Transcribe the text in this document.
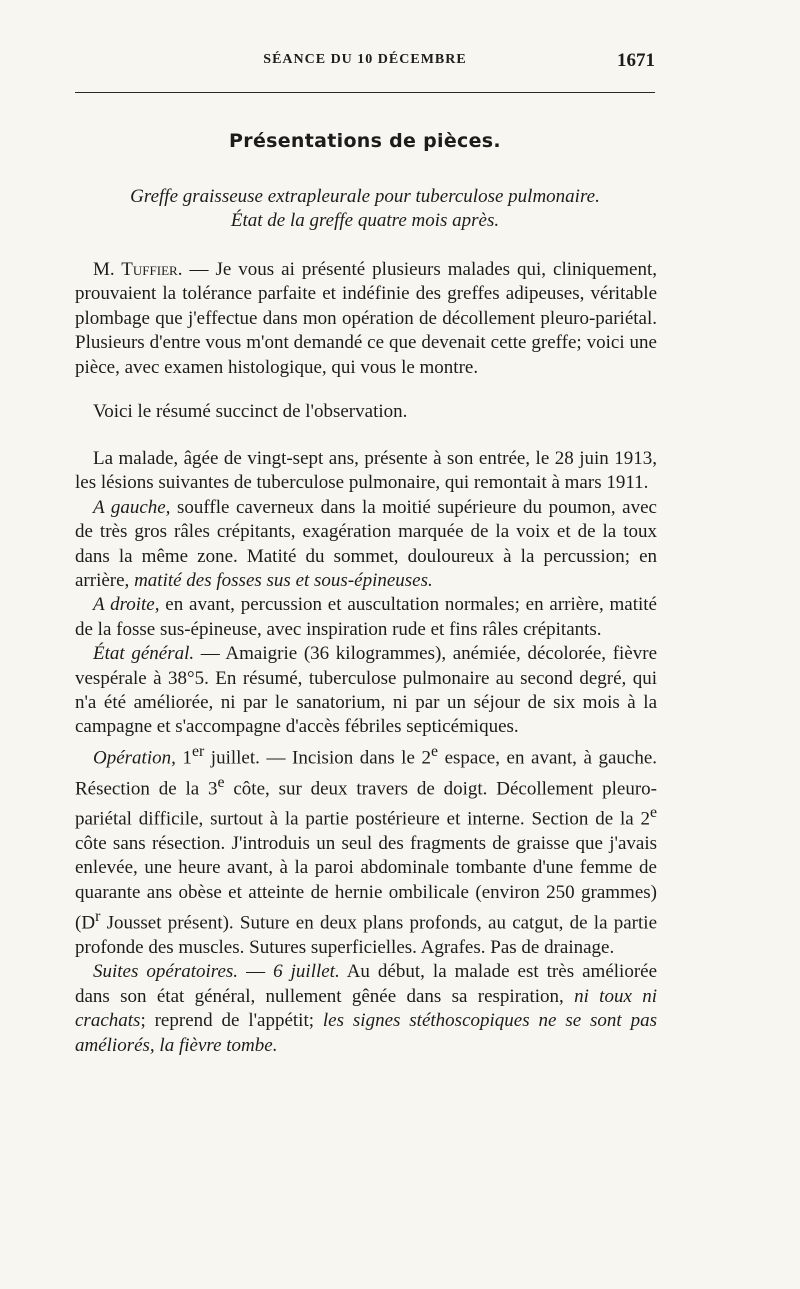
SÉANCE DU 10 DÉCEMBRE	1671
Présentations de pièces.
Greffe graisseuse extrapleurale pour tuberculose pulmonaire.
État de la greffe quatre mois après.

M. Tuffier. — Je vous ai présenté plusieurs malades qui, cliniquement, prouvaient la tolérance parfaite et indéfinie des greffes adipeuses, véritable plombage que j'effectue dans mon opération de décollement pleuro-pariétal. Plusieurs d'entre vous m'ont demandé ce que devenait cette greffe; voici une pièce, avec examen histologique, qui vous le montre.

Voici le résumé succinct de l'observation.

La malade, âgée de vingt-sept ans, présente à son entrée, le 28 juin 1913, les lésions suivantes de tuberculose pulmonaire, qui remontait à mars 1911.

A gauche, souffle caverneux dans la moitié supérieure du poumon, avec de très gros râles crépitants, exagération marquée de la voix et de la toux dans la même zone. Matité du sommet, douloureux à la percussion; en arrière, matité des fosses sus et sous-épineuses.

A droite, en avant, percussion et auscultation normales; en arrière, matité de la fosse sus-épineuse, avec inspiration rude et fins râles crépitants.

État général. — Amaigrie (36 kilogrammes), anémiée, décolorée, fièvre vespérale à 38°5. En résumé, tuberculose pulmonaire au second degré, qui n'a été améliorée, ni par le sanatorium, ni par un séjour de six mois à la campagne et s'accompagne d'accès fébriles septicémiques.

Opération, 1er juillet. — Incision dans le 2e espace, en avant, à gauche. Résection de la 3e côte, sur deux travers de doigt. Décollement pleuro-pariétal difficile, surtout à la partie postérieure et interne. Section de la 2e côte sans résection. J'introduis un seul des fragments de graisse que j'avais enlevée, une heure avant, à la paroi abdominale tombante d'une femme de quarante ans obèse et atteinte de hernie ombilicale (environ 250 grammes) ($D^r$ Jousset présent). Suture en deux plans profonds, au catgut, de la partie profonde des muscles. Sutures superficielles. Agrafes. Pas de drainage.

Suites opératoires. — 6 juillet. Au début, la malade est très améliorée dans son état général, nullement gênée dans sa respiration, ni toux ni crachats; reprend de l'appétit; les signes stéthoscopiques ne se sont pas améliorés, la fièvre tombe.
